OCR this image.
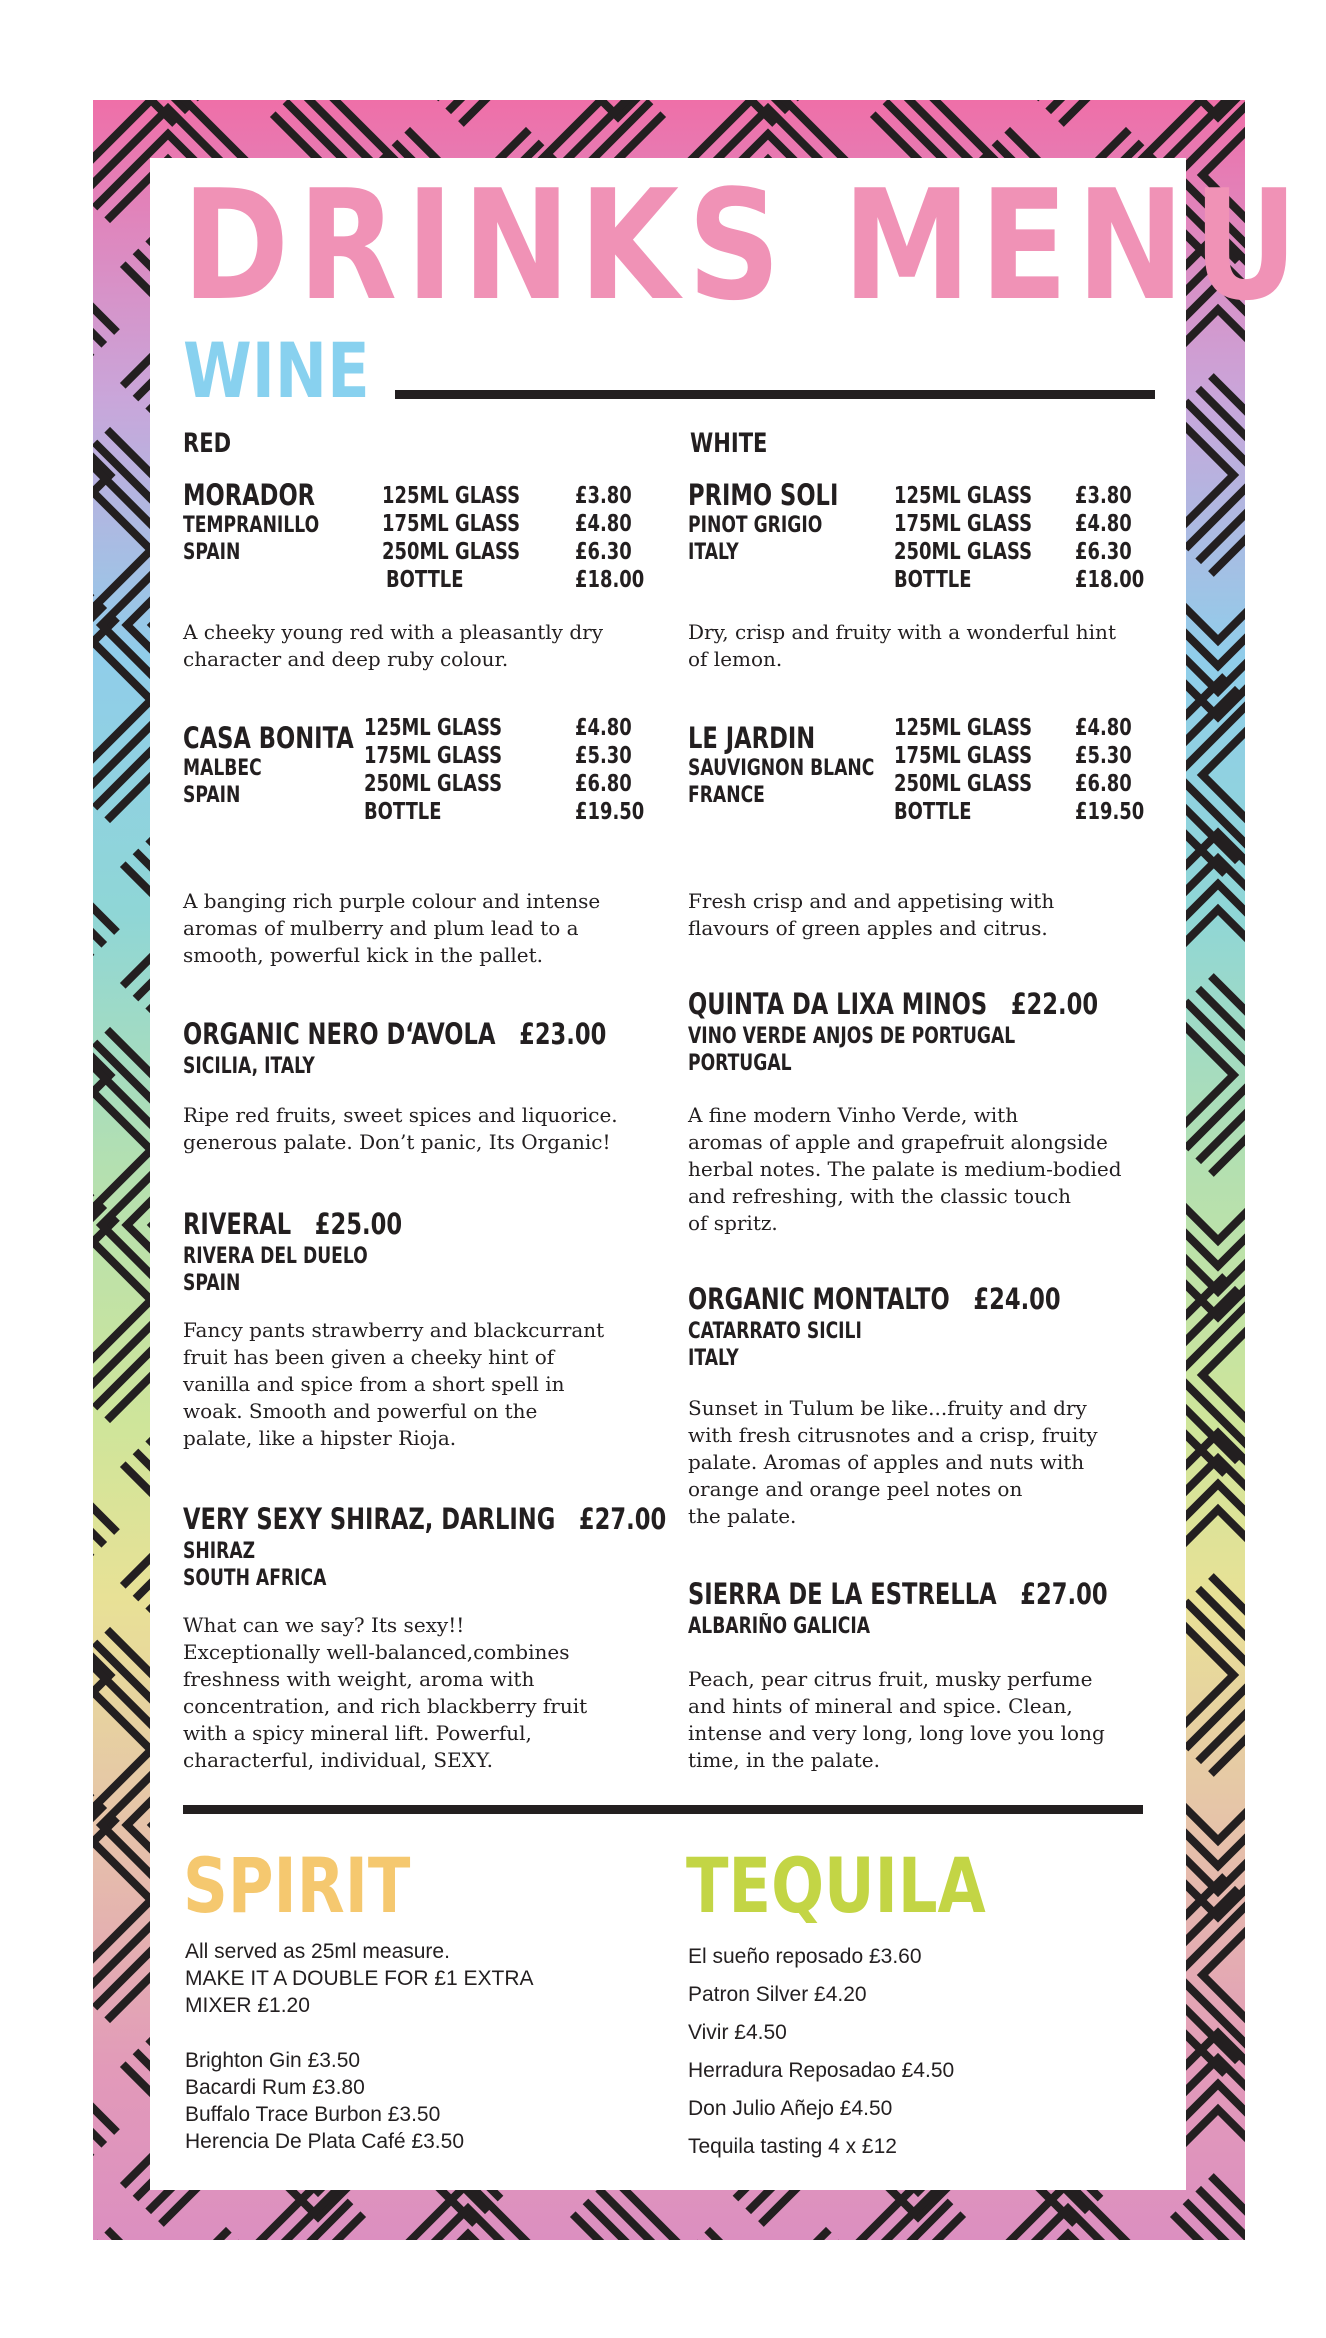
DRINKS MENU
WINE
RED	WHITE
MORADOR
TEMPRANILLO
SPAIN
125ML GLASS
175ML GLASS
250ML GLASS
BOTTLE
£3.80
£4.80
£6.30
£18.00
A cheeky young red with a pleasantly dry
character and deep ruby colour.
CASA BONITA
MALBEC
SPAIN
125ML GLASS
175ML GLASS
250ML GLASS
BOTTLE
£4.80
£5.30
£6.80
£19.50
A banging rich purple colour and intense
aromas of mulberry and plum lead to a
smooth, powerful kick in the pallet.
ORGANIC NERO D‘AVOLA £23.00
SICILIA, ITALY
Ripe red fruits, sweet spices and liquorice.
generous palate. Don’t panic, Its Organic!
RIVERAL £25.00
RIVERA DEL DUELO
SPAIN
Fancy pants strawberry and blackcurrant
fruit has been given a cheeky hint of
vanilla and spice from a short spell in
woak. Smooth and powerful on the
palate, like a hipster Rioja.
VERY SEXY SHIRAZ, DARLING £27.00
SHIRAZ
SOUTH AFRICA
What can we say? Its sexy!!
Exceptionally well-balanced,combines
freshness with weight, aroma with
concentration, and rich blackberry fruit
with a spicy mineral lift. Powerful,
characterful, individual, SEXY.
PRIMO SOLI
PINOT GRIGIO
ITALY
125ML GLASS
175ML GLASS
250ML GLASS
BOTTLE
£3.80
£4.80
£6.30
£18.00
Dry, crisp and fruity with a wonderful hint
of lemon.
LE JARDIN
SAUVIGNON BLANC
FRANCE
125ML GLASS
175ML GLASS
250ML GLASS
BOTTLE
£4.80
£5.30
£6.80
£19.50
Fresh crisp and and appetising with
flavours of green apples and citrus.
QUINTA DA LIXA MINOS £22.00
VINO VERDE ANJOS DE PORTUGAL
PORTUGAL
A fine modern Vinho Verde, with
aromas of apple and grapefruit alongside
herbal notes. The palate is medium-bodied
and refreshing, with the classic touch
of spritz.
ORGANIC MONTALTO £24.00
CATARRATO SICILI
ITALY
Sunset in Tulum be like...fruity and dry
with fresh citrusnotes and a crisp, fruity
palate. Aromas of apples and nuts with
orange and orange peel notes on
the palate.
SIERRA DE LA ESTRELLA £27.00
ALBARIÑO GALICIA
Peach, pear citrus fruit, musky perfume
and hints of mineral and spice. Clean,
intense and very long, long love you long
time, in the palate.
SPIRIT
All served as 25ml measure.
MAKE IT A DOUBLE FOR £1 EXTRA
MIXER £1.20
Brighton Gin £3.50
Bacardi Rum £3.80
Buffalo Trace Burbon £3.50
Herencia De Plata Café £3.50
TEQUILA
El sueño reposado £3.60
Patron Silver £4.20
Vivir £4.50
Herradura Reposadao £4.50
Don Julio Añejo £4.50
Tequila tasting 4 x £12
